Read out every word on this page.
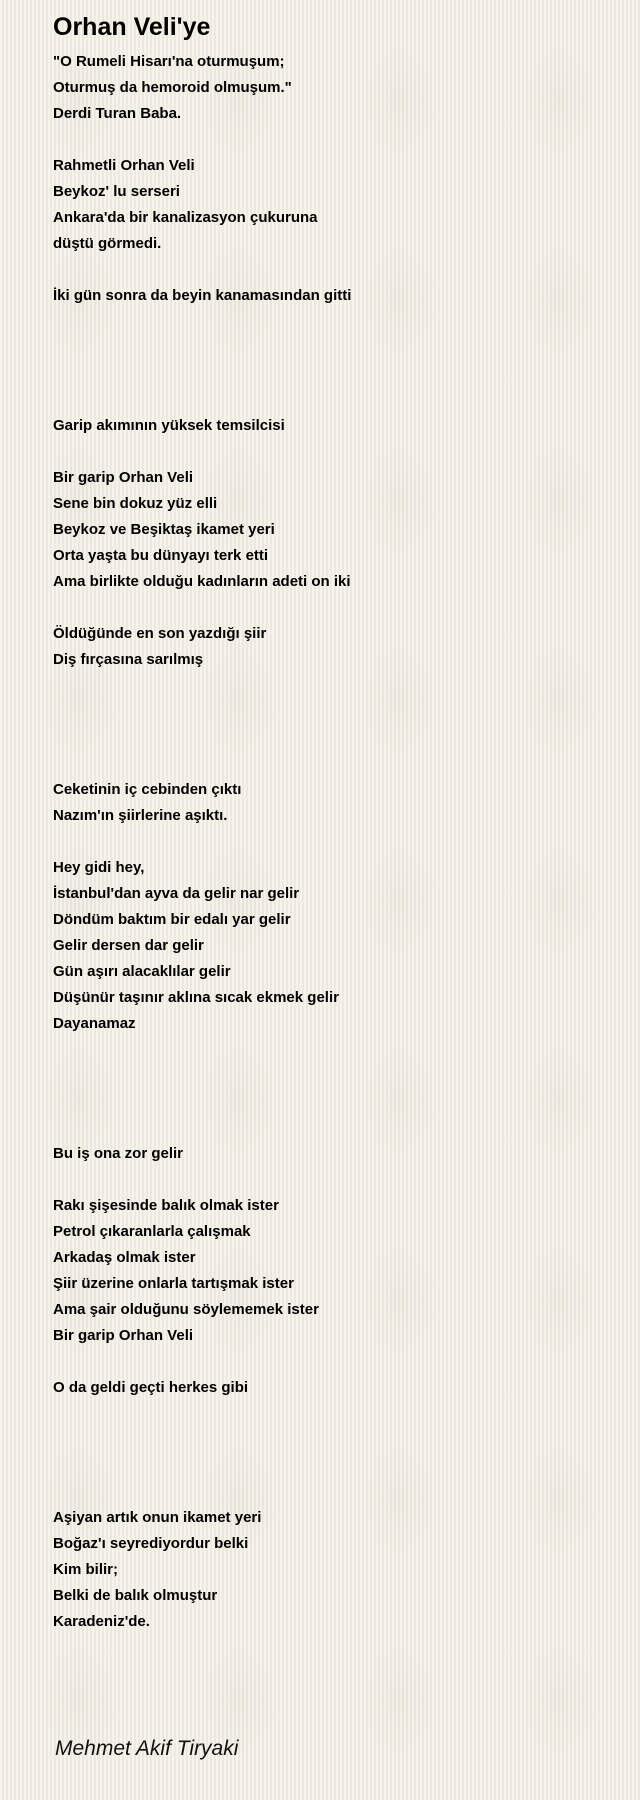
Orhan Veli'ye
"O Rumeli Hisarı'na oturmuşum;
Oturmuş da hemoroid olmuşum."
Derdi Turan Baba.
Rahmetli Orhan Veli
Beykoz' lu serseri
Ankara'da bir kanalizasyon çukuruna
düştü görmedi.
İki gün sonra da beyin kanamasından gitti
Garip akımının yüksek temsilcisi
Bir garip Orhan Veli
Sene bin dokuz yüz elli
Beykoz ve Beşiktaş ikamet yeri
Orta yaşta bu dünyayı terk etti
Ama birlikte olduğu kadınların adeti on iki
Öldüğünde en son yazdığı şiir
Diş fırçasına sarılmış
Ceketinin iç cebinden çıktı
Nazım'ın şiirlerine aşıktı.
Hey gidi hey,
İstanbul'dan ayva da gelir nar gelir
Döndüm baktım bir edalı yar gelir
Gelir dersen dar gelir
Gün aşırı alacaklılar gelir
Düşünür taşınır aklına sıcak ekmek gelir
Dayanamaz
Bu iş ona zor gelir
Rakı şişesinde balık olmak ister
Petrol çıkaranlarla çalışmak
Arkadaş olmak ister
Şiir üzerine onlarla tartışmak ister
Ama şair olduğunu söylememek ister
Bir garip Orhan Veli
O da geldi geçti herkes gibi
Aşiyan artık onun ikamet yeri
Boğaz'ı seyrediyordur belki
Kim bilir;
Belki de balık olmuştur
Karadeniz'de.
Mehmet Akif Tiryaki
